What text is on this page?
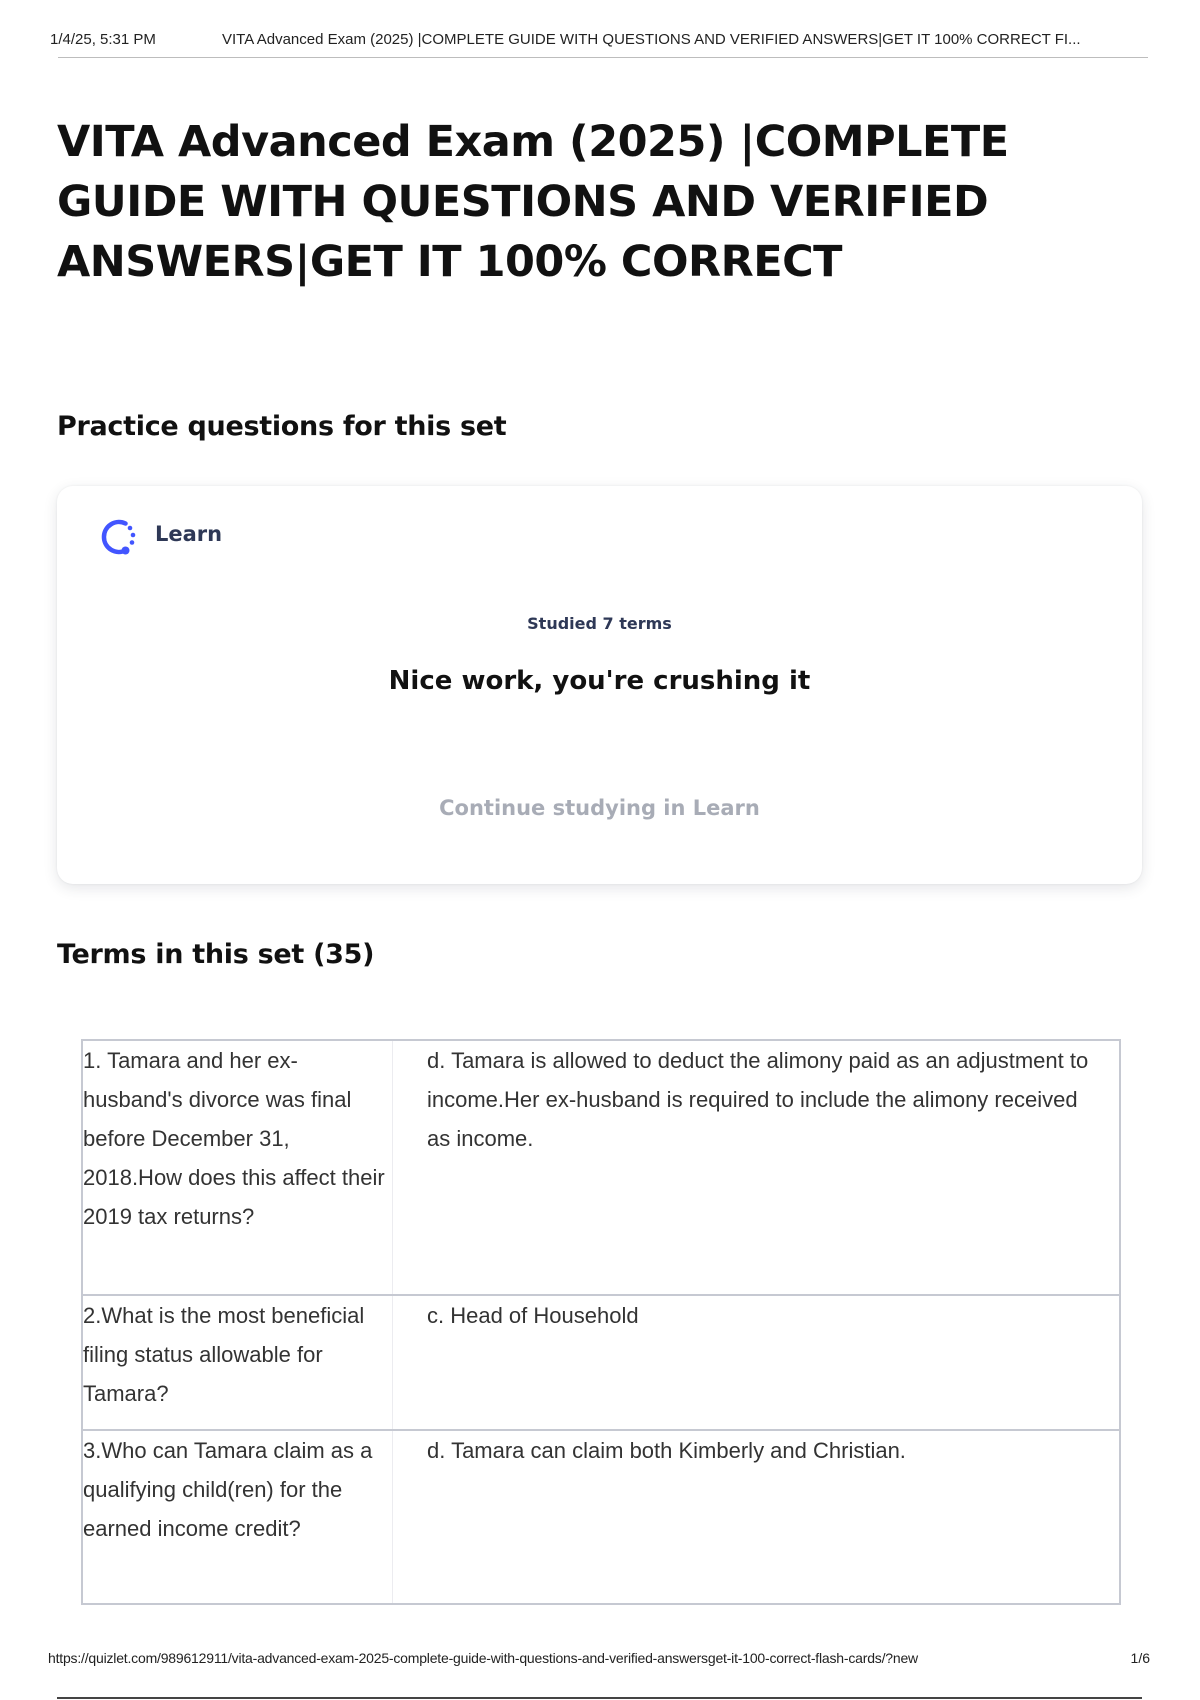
1/4/25, 5:31 PM	VITA Advanced Exam (2025) |COMPLETE GUIDE WITH QUESTIONS AND VERIFIED ANSWERS|GET IT 100% CORRECT FI...
VITA Advanced Exam (2025) |COMPLETE GUIDE WITH QUESTIONS AND VERIFIED ANSWERS|GET IT 100% CORRECT
Practice questions for this set
Learn
Studied 7 terms
Nice work, you're crushing it
Continue studying in Learn
Terms in this set (35)
1. Tamara and her ex-husband's divorce was final before December 31, 2018.How does this affect their 2019 tax returns?
d. Tamara is allowed to deduct the alimony paid as an adjustment to income.Her ex-husband is required to include the alimony received as income.
2.What is the most beneficial filing status allowable for Tamara?
c. Head of Household
3.Who can Tamara claim as a qualifying child(ren) for the earned income credit?
d. Tamara can claim both Kimberly and Christian.
https://quizlet.com/989612911/vita-advanced-exam-2025-complete-guide-with-questions-and-verified-answersget-it-100-correct-flash-cards/?new	1/6
